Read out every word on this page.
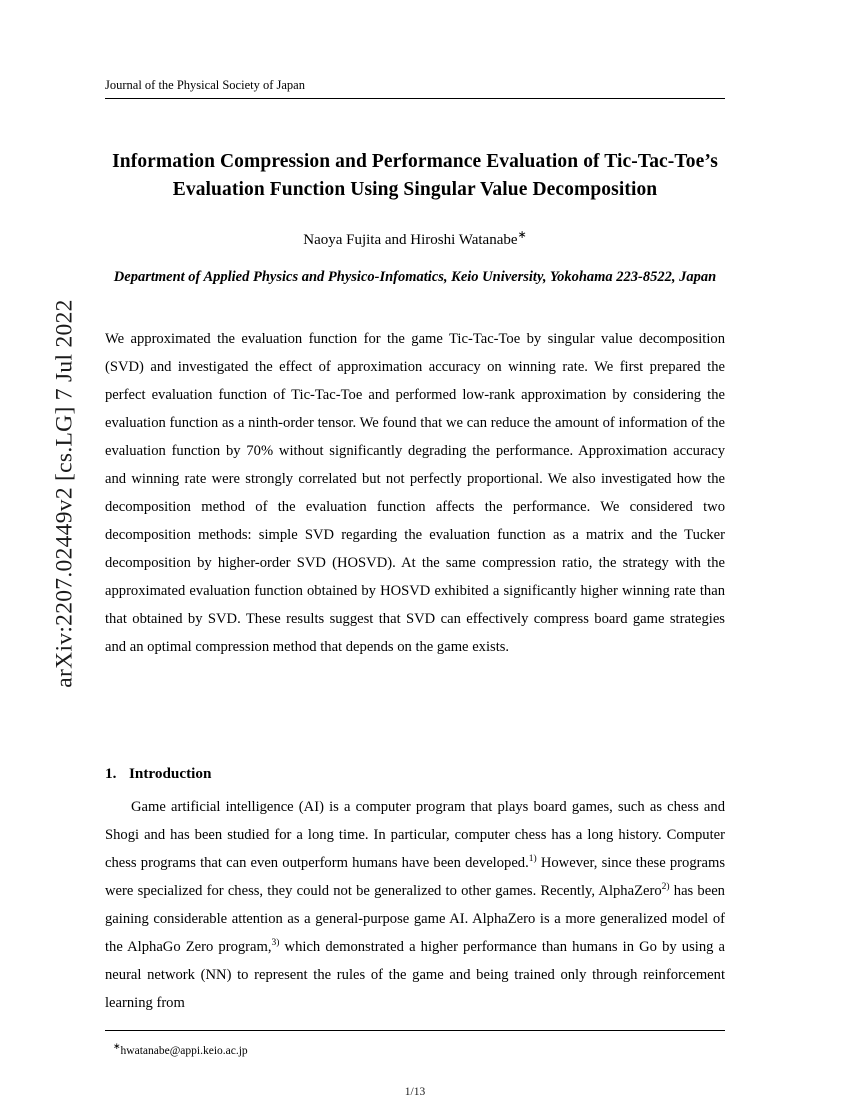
arXiv:2207.02449v2 [cs.LG] 7 Jul 2022
Journal of the Physical Society of Japan
Information Compression and Performance Evaluation of Tic-Tac-Toe’s Evaluation Function Using Singular Value Decomposition
Naoya Fujita and Hiroshi Watanabe∗
Department of Applied Physics and Physico-Infomatics, Keio University, Yokohama 223-8522, Japan
We approximated the evaluation function for the game Tic-Tac-Toe by singular value decomposition (SVD) and investigated the effect of approximation accuracy on winning rate. We first prepared the perfect evaluation function of Tic-Tac-Toe and performed low-rank approximation by considering the evaluation function as a ninth-order tensor. We found that we can reduce the amount of information of the evaluation function by 70% without significantly degrading the performance. Approximation accuracy and winning rate were strongly correlated but not perfectly proportional. We also investigated how the decomposition method of the evaluation function affects the performance. We considered two decomposition methods: simple SVD regarding the evaluation function as a matrix and the Tucker decomposition by higher-order SVD (HOSVD). At the same compression ratio, the strategy with the approximated evaluation function obtained by HOSVD exhibited a significantly higher winning rate than that obtained by SVD. These results suggest that SVD can effectively compress board game strategies and an optimal compression method that depends on the game exists.
1. Introduction
Game artificial intelligence (AI) is a computer program that plays board games, such as chess and Shogi and has been studied for a long time. In particular, computer chess has a long history. Computer chess programs that can even outperform humans have been developed.$^{1)}$ However, since these programs were specialized for chess, they could not be generalized to other games. Recently, AlphaZero$^{2)}$ has been gaining considerable attention as a general-purpose game AI. AlphaZero is a more generalized model of the AlphaGo Zero program,$^{3)}$ which demonstrated a higher performance than humans in Go by using a neural network (NN) to represent the rules of the game and being trained only through reinforcement learning from
∗hwatanabe@appi.keio.ac.jp
1/13
